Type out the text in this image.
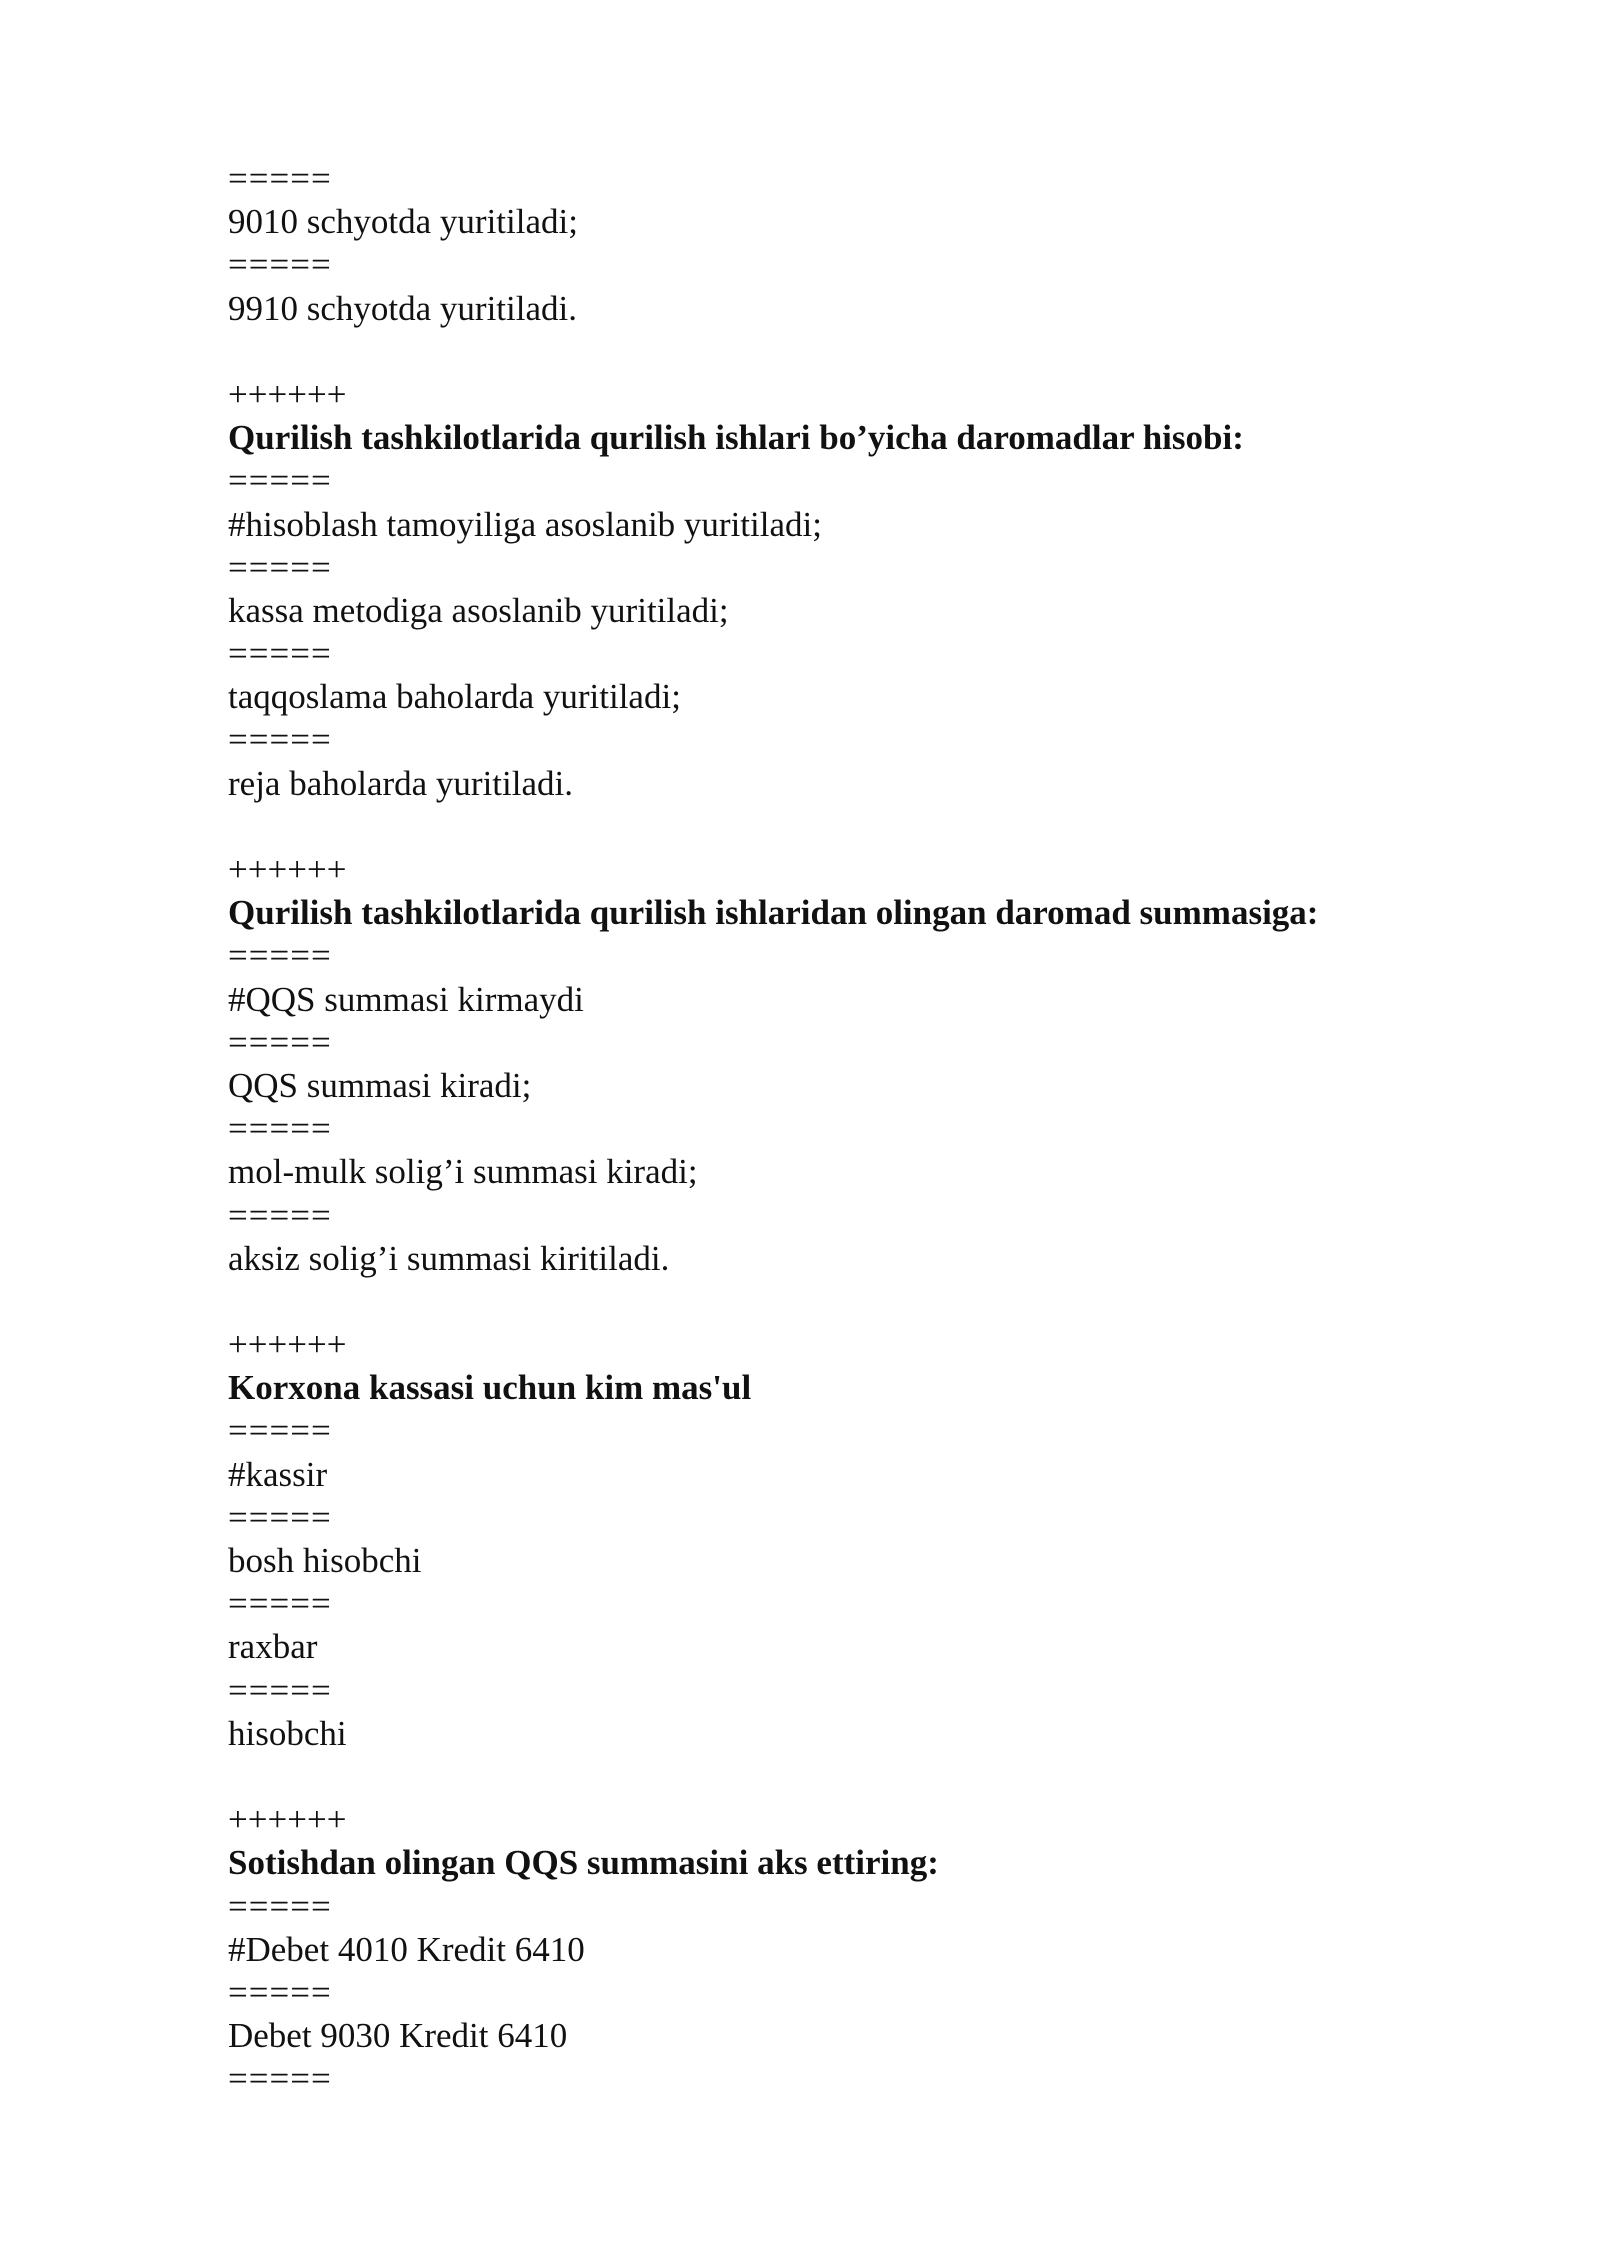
=====
9010 schyotda yuritiladi;
=====
9910 schyotda yuritiladi.
++++++
Qurilish tashkilotlarida qurilish ishlari bo’yicha daromadlar hisobi:
=====
#hisoblash tamoyiliga asoslanib yuritiladi;
=====
kassa metodiga asoslanib yuritiladi;
=====
taqqoslama baholarda yuritiladi;
=====
reja baholarda yuritiladi.
++++++
Qurilish tashkilotlarida qurilish ishlaridan olingan daromad summasiga:
=====
#QQS summasi kirmaydi
=====
QQS summasi kiradi;
=====
mol-mulk solig’i summasi kiradi;
=====
aksiz solig’i summasi kiritiladi.
++++++
Korxona kassasi uchun kim mas'ul
=====
#kassir
=====
bosh hisobchi
=====
raxbar
=====
hisobchi
++++++
Sotishdan olingan QQS summasini aks ettiring:
=====
#Debet 4010 Kredit 6410
=====
Debet 9030 Kredit 6410
=====
